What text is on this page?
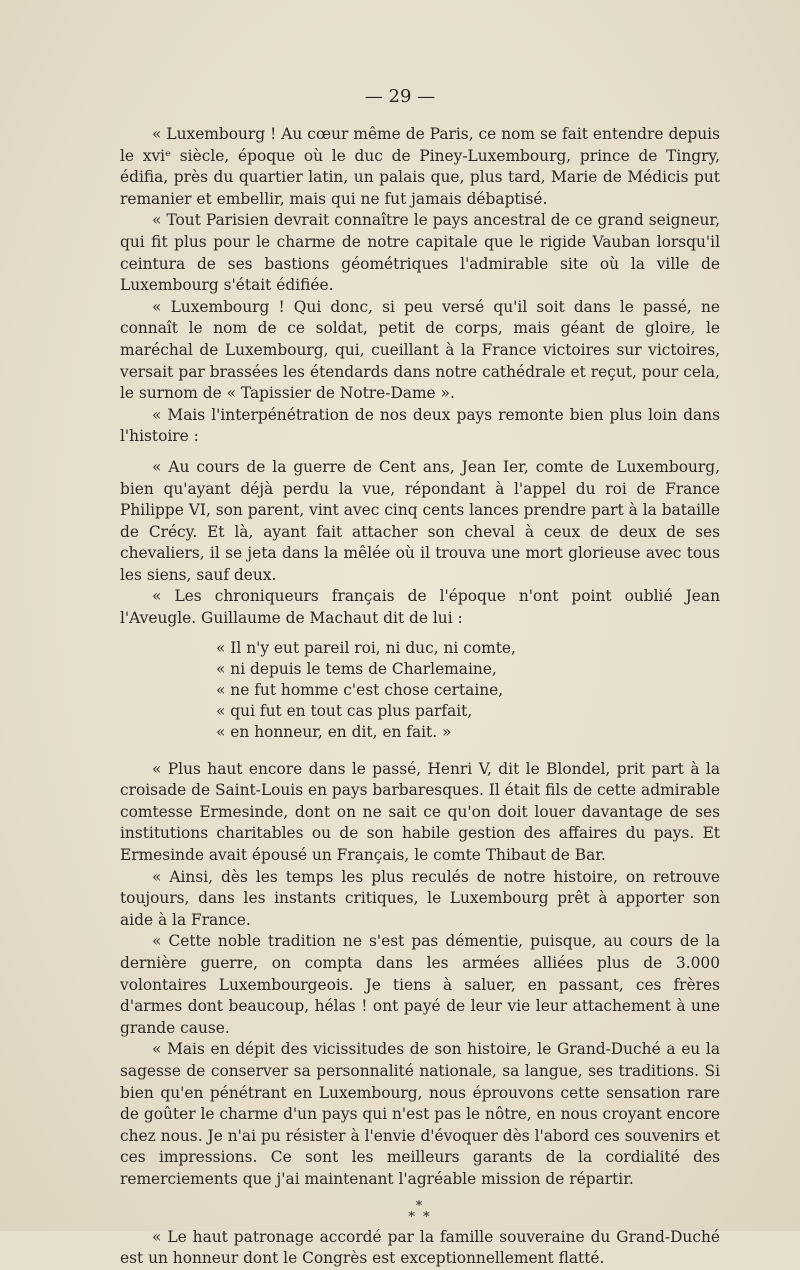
— 29 —

« Luxembourg ! Au cœur même de Paris, ce nom se fait entendre depuis le xviᵉ siècle, époque où le duc de Piney-Luxembourg, prince de Tingry, édifia, près du quartier latin, un palais que, plus tard, Marie de Médicis put remanier et embellir, mais qui ne fut jamais débaptisé.

« Tout Parisien devrait connaître le pays ancestral de ce grand seigneur, qui fit plus pour le charme de notre capitale que le rigide Vauban lorsqu'il ceintura de ses bastions géométriques l'admirable site où la ville de Luxembourg s'était édifiée.

« Luxembourg ! Qui donc, si peu versé qu'il soit dans le passé, ne connaît le nom de ce soldat, petit de corps, mais géant de gloire, le maréchal de Luxembourg, qui, cueillant à la France victoires sur victoires, versait par brassées les étendards dans notre cathédrale et reçut, pour cela, le surnom de « Tapissier de Notre-Dame ».

« Mais l'interpénétration de nos deux pays remonte bien plus loin dans l'histoire :

« Au cours de la guerre de Cent ans, Jean Ier, comte de Luxembourg, bien qu'ayant déjà perdu la vue, répondant à l'appel du roi de France Philippe VI, son parent, vint avec cinq cents lances prendre part à la bataille de Crécy. Et là, ayant fait attacher son cheval à ceux de deux de ses chevaliers, il se jeta dans la mêlée où il trouva une mort glorieuse avec tous les siens, sauf deux.

« Les chroniqueurs français de l'époque n'ont point oublié Jean l'Aveugle. Guillaume de Machaut dit de lui :

« Il n'y eut pareil roi, ni duc, ni comte,
« ni depuis le tems de Charlemaine,
« ne fut homme c'est chose certaine,
« qui fut en tout cas plus parfait,
« en honneur, en dit, en fait. »

« Plus haut encore dans le passé, Henri V, dit le Blondel, prit part à la croisade de Saint-Louis en pays barbaresques. Il était fils de cette admirable comtesse Ermesinde, dont on ne sait ce qu'on doit louer davantage de ses institutions charitables ou de son habile gestion des affaires du pays. Et Ermesinde avait épousé un Français, le comte Thibaut de Bar.

« Ainsi, dès les temps les plus reculés de notre histoire, on retrouve toujours, dans les instants critiques, le Luxembourg prêt à apporter son aide à la France.

« Cette noble tradition ne s'est pas démentie, puisque, au cours de la dernière guerre, on compta dans les armées alliées plus de 3.000 volontaires Luxembourgeois. Je tiens à saluer, en passant, ces frères d'armes dont beaucoup, hélas ! ont payé de leur vie leur attachement à une grande cause.

« Mais en dépit des vicissitudes de son histoire, le Grand-Duché a eu la sagesse de conserver sa personnalité nationale, sa langue, ses traditions. Si bien qu'en pénétrant en Luxembourg, nous éprouvons cette sensation rare de goûter le charme d'un pays qui n'est pas le nôtre, en nous croyant encore chez nous. Je n'ai pu résister à l'envie d'évoquer dès l'abord ces souvenirs et ces impressions. Ce sont les meilleurs garants de la cordialité des remerciements que j'ai maintenant l'agréable mission de répartir.

*
* *

« Le haut patronage accordé par la famille souveraine du Grand-Duché est un honneur dont le Congrès est exceptionnellement flatté.
